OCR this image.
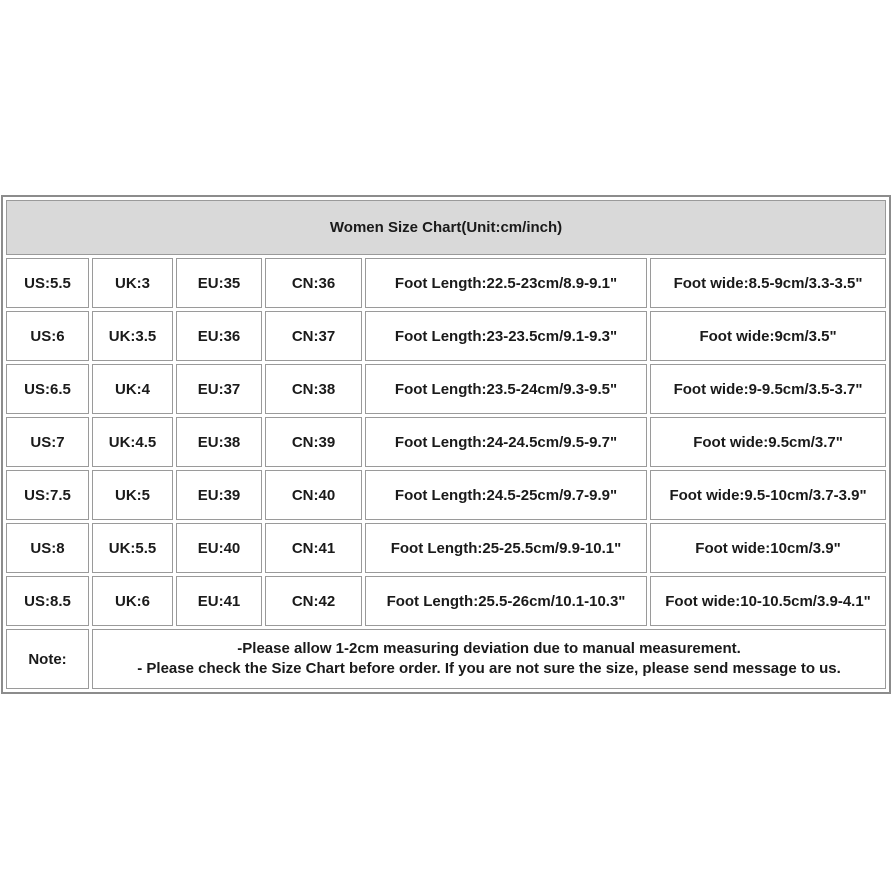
Women Size Chart(Unit:cm/inch)					
US:5.5	UK:3	EU:35	CN:36	Foot Length:22.5-23cm/8.9-9.1"	Foot wide:8.5-9cm/3.3-3.5"
US:6	UK:3.5	EU:36	CN:37	Foot Length:23-23.5cm/9.1-9.3"	Foot wide:9cm/3.5"
US:6.5	UK:4	EU:37	CN:38	Foot Length:23.5-24cm/9.3-9.5"	Foot wide:9-9.5cm/3.5-3.7"
US:7	UK:4.5	EU:38	CN:39	Foot Length:24-24.5cm/9.5-9.7"	Foot wide:9.5cm/3.7"
US:7.5	UK:5	EU:39	CN:40	Foot Length:24.5-25cm/9.7-9.9"	Foot wide:9.5-10cm/3.7-3.9"
US:8	UK:5.5	EU:40	CN:41	Foot Length:25-25.5cm/9.9-10.1"	Foot wide:10cm/3.9"
US:8.5	UK:6	EU:41	CN:42	Foot Length:25.5-26cm/10.1-10.3"	Foot wide:10-10.5cm/3.9-4.1"
Note:	-Please allow 1-2cm measuring deviation due to manual measurement.
- Please check the Size Chart before order. If you are not sure the size, please send message to us.				
